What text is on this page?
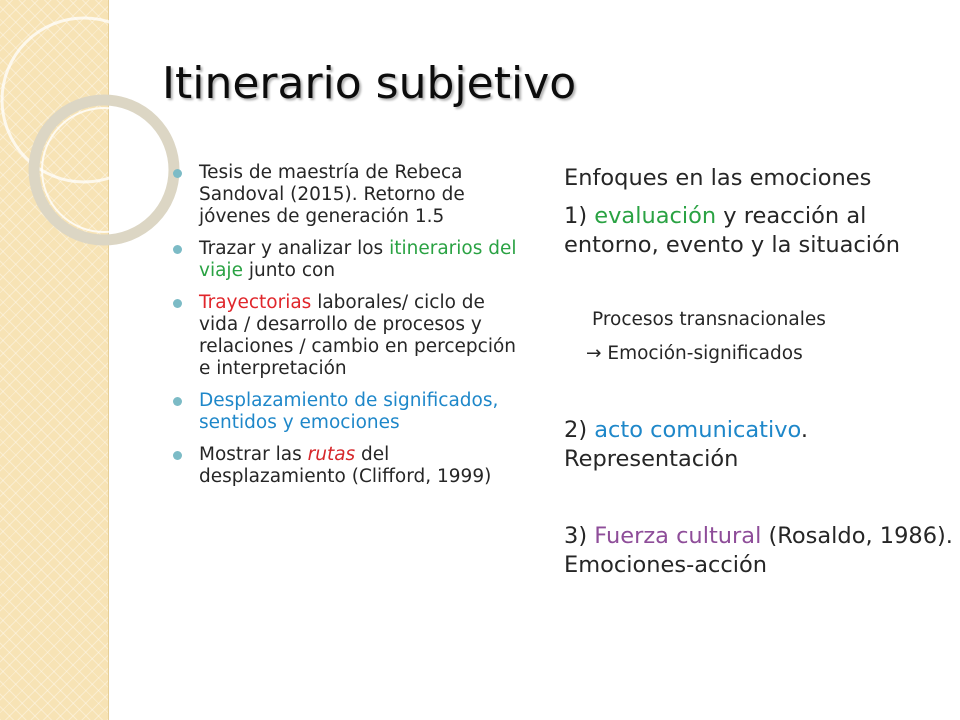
Itinerario subjetivo
Tesis de maestría de Rebeca Sandoval (2015). Retorno de jóvenes de generación 1.5
Trazar y analizar los itinerarios del viaje junto con
Trayectorias laborales/ ciclo de vida / desarrollo de procesos y relaciones / cambio en percepción e interpretación
Desplazamiento de significados, sentidos y emociones
Mostrar las rutas del desplazamiento (Clifford, 1999)
Enfoques en las emociones
1) evaluación y reacción al entorno, evento y la situación
Procesos transnacionales
→ Emoción-significados
2) acto comunicativo. Representación
3) Fuerza cultural (Rosaldo, 1986). Emociones-acción
